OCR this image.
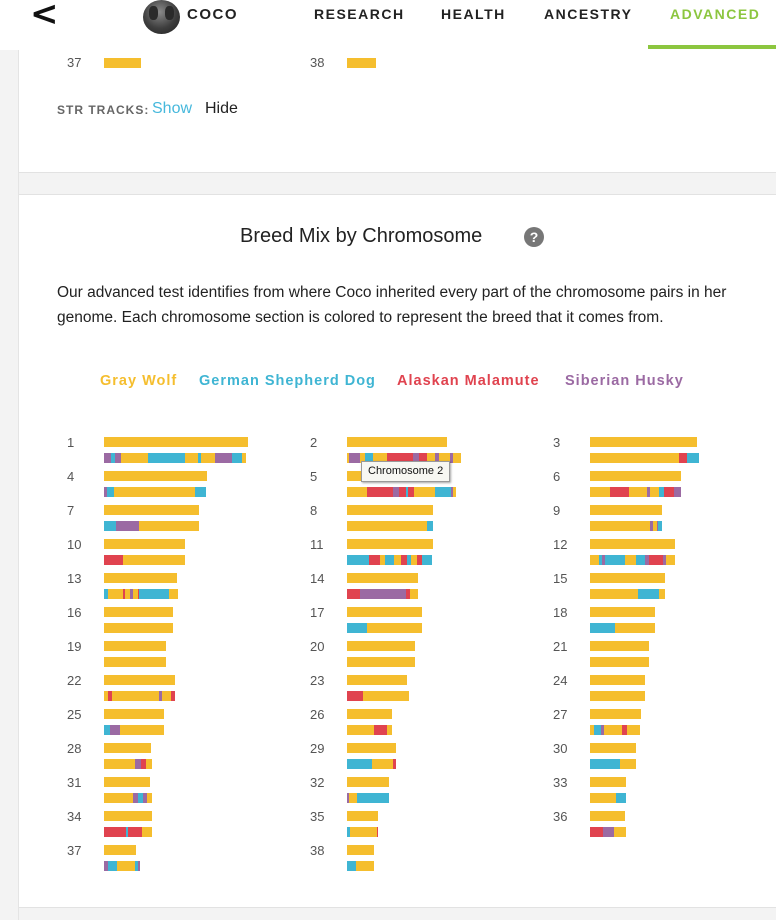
<	COCO	RESEARCH	HEALTH	ANCESTRY	ADVANCED
37	38
STR TRACKS: Show Hide
Breed Mix by Chromosome	?
Our advanced test identifies from where Coco inherited every part of the chromosome pairs in her genome. Each chromosome section is colored to represent the breed that it comes from.
Gray Wolf German Shepherd Dog Alaskan Malamute Siberian Husky
1	2	3
4	5	6
7	8	9
10	11	12
13	14	15
16	17	18
19	20	21
22	23	24
25	26	27
28	29	30
31	32	33
34	35	36
37	38
Chromosome 2
